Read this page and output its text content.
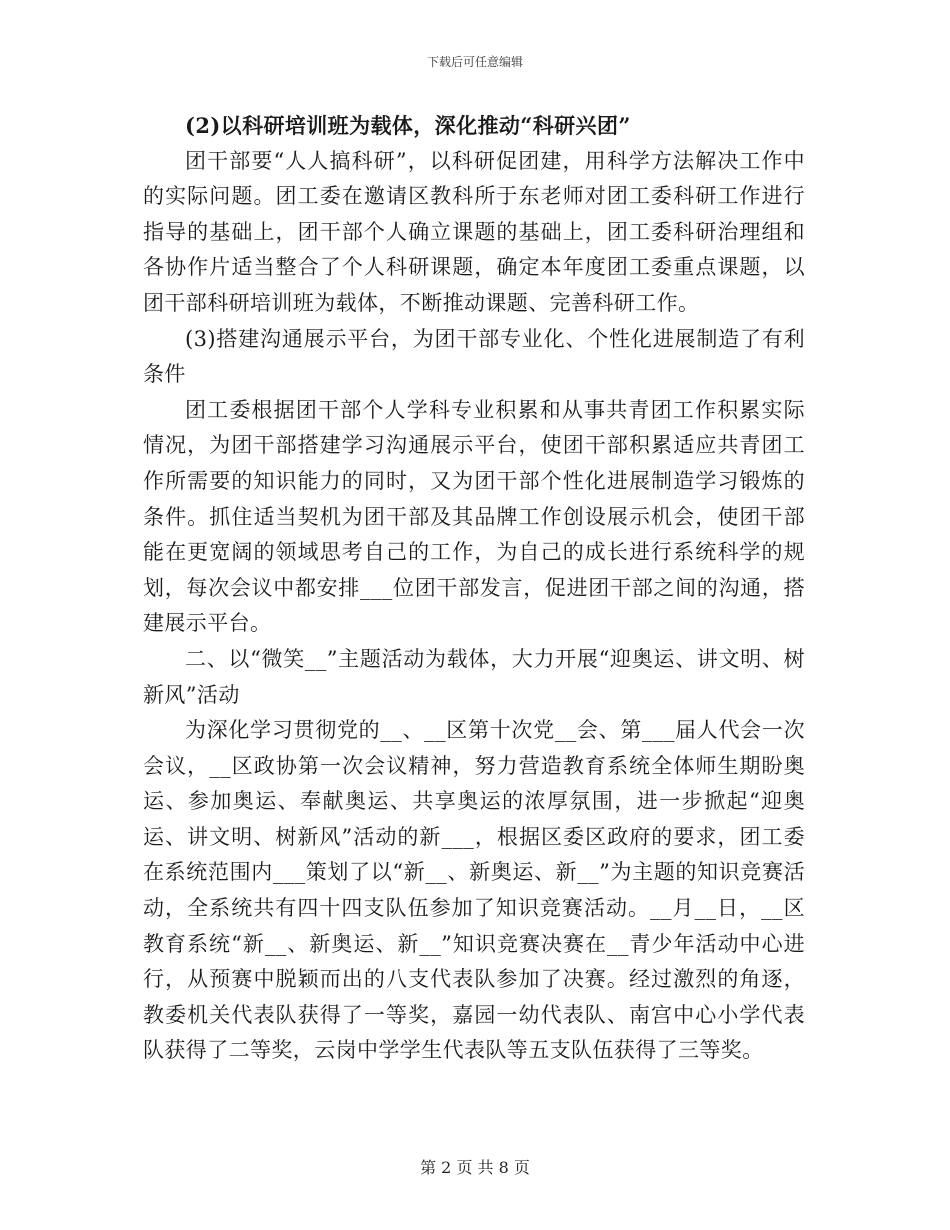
下载后可任意编辑

(2)以科研培训班为载体，深化推动“科研兴团”

团干部要“人人搞科研”，以科研促团建，用科学方法解决工作中的实际问题。团工委在邀请区教科所于东老师对团工委科研工作进行指导的基础上，团干部个人确立课题的基础上，团工委科研治理组和各协作片适当整合了个人科研课题，确定本年度团工委重点课题，以团干部科研培训班为载体，不断推动课题、完善科研工作。

(3)搭建沟通展示平台，为团干部专业化、个性化进展制造了有利条件

团工委根据团干部个人学科专业积累和从事共青团工作积累实际情况，为团干部搭建学习沟通展示平台，使团干部积累适应共青团工作所需要的知识能力的同时，又为团干部个性化进展制造学习锻炼的条件。抓住适当契机为团干部及其品牌工作创设展示机会，使团干部能在更宽阔的领域思考自己的工作，为自己的成长进行系统科学的规划，每次会议中都安排___位团干部发言，促进团干部之间的沟通，搭建展示平台。

二、以“微笑__”主题活动为载体，大力开展“迎奥运、讲文明、树新风”活动

为深化学习贯彻党的__、__区第十次党__会、第___届人代会一次会议，__区政协第一次会议精神，努力营造教育系统全体师生期盼奥运、参加奥运、奉献奥运、共享奥运的浓厚氛围，进一步掀起“迎奥运、讲文明、树新风”活动的新___，根据区委区政府的要求，团工委在系统范围内___策划了以“新__、新奥运、新__”为主题的知识竞赛活动，全系统共有四十四支队伍参加了知识竞赛活动。__月__日，__区教育系统“新__、新奥运、新__”知识竞赛决赛在__青少年活动中心进行，从预赛中脱颖而出的八支代表队参加了决赛。经过激烈的角逐，教委机关代表队获得了一等奖，嘉园一幼代表队、南宫中心小学代表队获得了二等奖，云岗中学学生代表队等五支队伍获得了三等奖。

第 2 页 共 8 页
